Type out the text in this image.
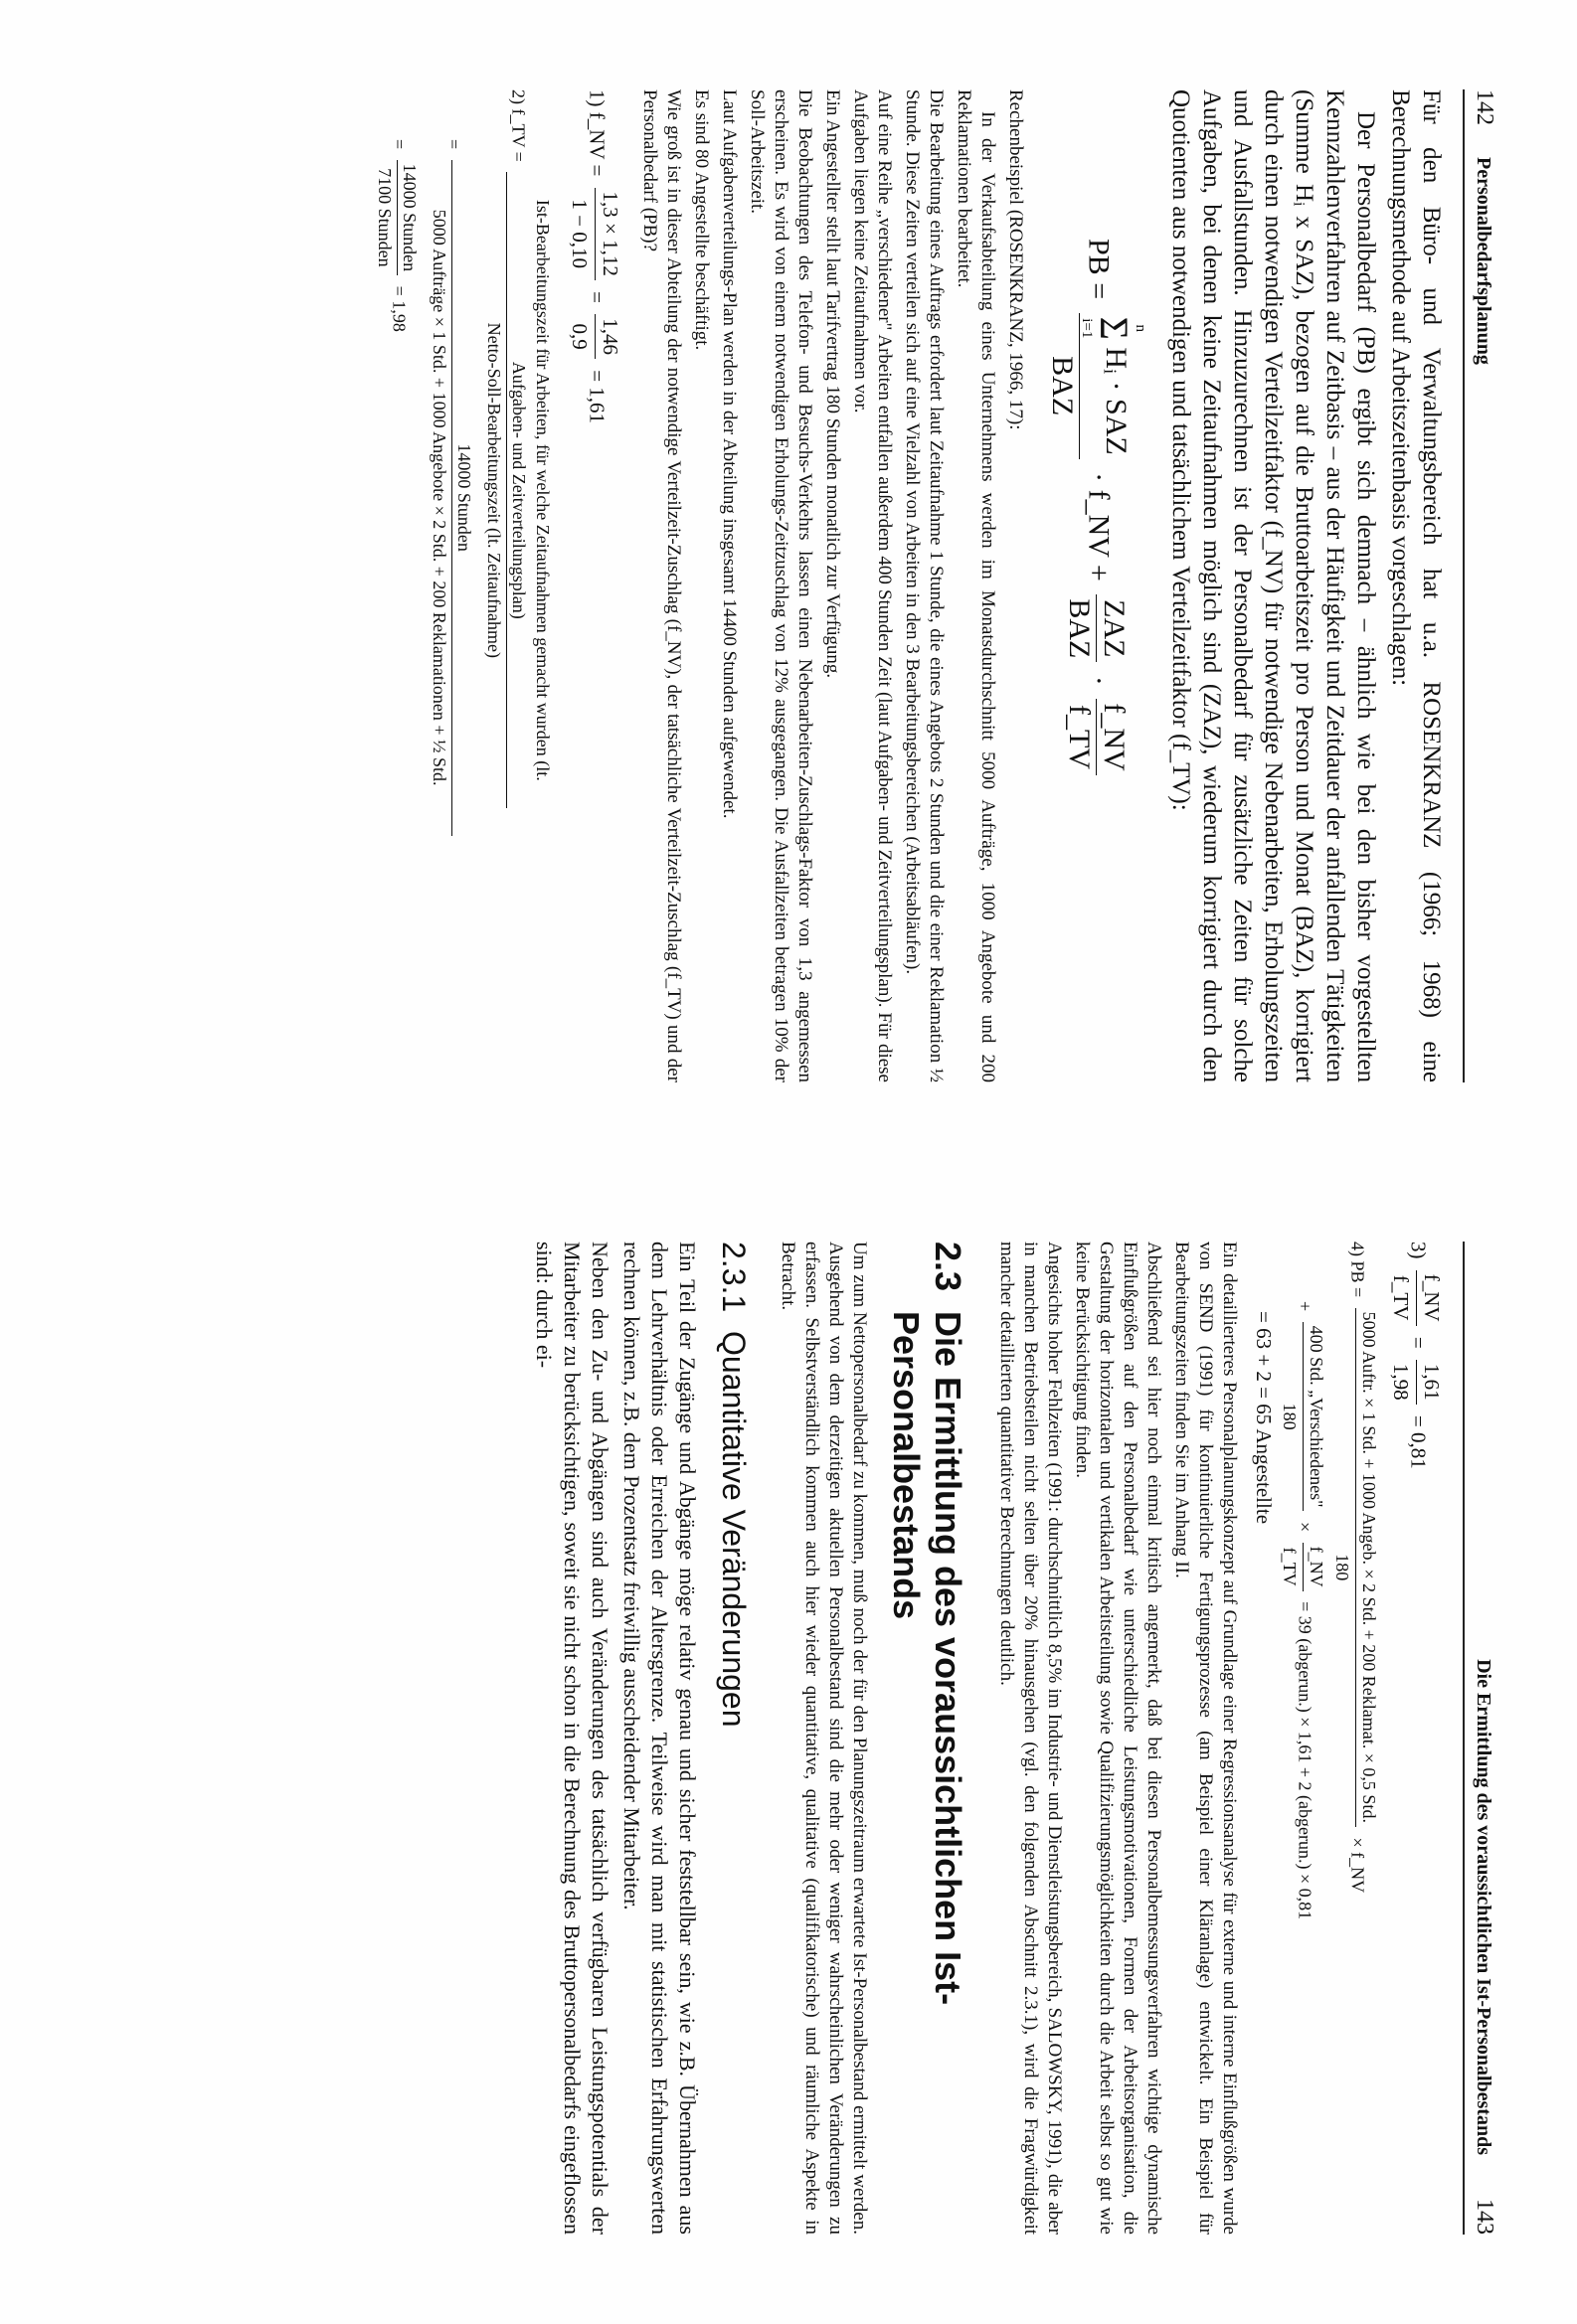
142
Personalbedarfsplanung

Für den Büro- und Verwaltungsbereich hat u.a. ROSENKRANZ (1966; 1968) eine Berechnungsmethode auf Arbeitszeitenbasis vorgeschlagen:

Der Personalbedarf (PB) ergibt sich demnach – ähnlich wie bei den bisher vorgestellten Kennzahlenverfahren auf Zeitbasis – aus der Häufigkeit und Zeitdauer der anfallenden Tätigkeiten (Summe Hᵢ x SAZ), bezogen auf die Bruttoarbeitszeit pro Person und Monat (BAZ), korrigiert durch einen notwendigen Verteilzeitfaktor (f_NV) für notwendige Nebenarbeiten, Erholungszeiten und Ausfallstunden. Hinzuzurechnen ist der Personalbedarf für zusätzliche Zeiten für solche Aufgaben, bei denen keine Zeitaufnahmen möglich sind (ZAZ), wiederum korrigiert durch den Quotienten aus notwendigen und tatsächlichem Verteilzeitfaktor (f_TV):

PB =
n
Σ
i=1 Hᵢ · SAZ
BAZ
· f_NV +
ZAZ
BAZ
·
f_NV
f_TV

Rechenbeispiel (ROSENKRANZ, 1966, 17):

In der Verkaufsabteilung eines Unternehmens werden im Monatsdurchschnitt 5000 Aufträge, 1000 Angebote und 200 Reklamationen bearbeitet.

Die Bearbeitung eines Auftrags erfordert laut Zeitaufnahme 1 Stunde, die eines Angebots 2 Stunden und die einer Reklamation ½ Stunde. Diese Zeiten verteilen sich auf eine Vielzahl von Arbeiten in den 3 Bearbeitungsbereichen (Arbeitsabläufen).

Auf eine Reihe „verschiedener" Arbeiten entfallen außerdem 400 Stunden Zeit (laut Aufgaben- und Zeitverteilungsplan). Für diese Aufgaben liegen keine Zeitaufnahmen vor.

Ein Angestellter stellt laut Tarifvertrag 180 Stunden monatlich zur Verfügung.

Die Beobachtungen des Telefon- und Besuchs-Verkehrs lassen einen Nebenarbeiten-Zuschlags-Faktor von 1,3 angemessen erscheinen. Es wird von einem notwendigen Erholungs-Zeitzuschlag von 12% ausgegangen. Die Ausfallzeiten betragen 10% der Soll-Arbeitszeit.

Laut Aufgabenverteilungs-Plan werden in der Abteilung insgesamt 14400 Stunden aufgewendet.

Es sind 80 Angestellte beschäftigt.

Wie groß ist in dieser Abteilung der notwendige Verteilzeit-Zuschlag (f_NV), der tatsächliche Verteilzeit-Zuschlag (f_TV) und der Personalbedarf (PB)?

1) f_NV =
1,3 × 1,12
1 − 0,10
=
1,46
0,9
= 1,61
2) f_TV =
Ist-Bearbeitungszeit für Arbeiten, für welche Zeitaufnahmen gemacht wurden (lt. Aufgaben- und Zeitverteilungsplan)
Netto-Soll-Bearbeitungszeit (lt. Zeitaufnahme)
=
14000 Stunden
5000 Aufträge × 1 Std. + 1000 Angebote × 2 Std. + 200 Reklamationen + ½ Std.
=
14000 Stunden
7100 Stunden
= 1,98
Die Ermittlung des voraussichtlichen Ist-Personalbestands
143
3)
f_NV
f_TV
=
1,61
1,98
= 0,81
4) PB =
5000 Auftr. × 1 Std. + 1000 Angeb. × 2 Std. + 200 Reklamat. × 0,5 Std.
180
× f_NV
+
400 Std. „Verschiedenes"
180
×
f_NV
f_TV
= 39 (abgerun.) × 1,61 + 2 (abgerun.) × 0,81
= 63 + 2 = 65 Angestellte

Ein detaillierteres Personalplanungskonzept auf Grundlage einer Regressionsanalyse für externe und interne Einflußgrößen wurde von SEND (1991) für kontinuierliche Fertigungsprozesse (am Beispiel einer Kläranlage) entwickelt. Ein Beispiel für Bearbeitungszeiten finden Sie im Anhang II.

Abschließend sei hier noch einmal kritisch angemerkt, daß bei diesen Personalbemessungsverfahren wichtige dynamische Einflußgrößen auf den Personalbedarf wie unterschiedliche Leistungsmotivationen, Formen der Arbeitsorganisation, die Gestaltung der horizontalen und vertikalen Arbeitsteilung sowie Qualifizierungsmöglichkeiten durch die Arbeit selbst so gut wie keine Berücksichtigung finden.

Angesichts hoher Fehlzeiten (1991: durchschnittlich 8,5% im Industrie- und Dienstleistungsbereich, SALOWSKY, 1991), die aber in manchen Betriebsteilen nicht selten über 20% hinausgehen (vgl. den folgenden Abschnitt 2.3.1), wird die Fragwürdigkeit mancher detaillierten quantitativer Berechnungen deutlich.

2.3
Die Ermittlung des voraussichtlichen Ist-Personalbestands

Um zum Nettopersonalbedarf zu kommen, muß noch der für den Planungszeitraum erwartete Ist-Personalbestand ermittelt werden. Ausgehend von dem derzeitigen aktuellen Personalbestand sind die mehr oder weniger wahrscheinlichen Veränderungen zu erfassen. Selbstverständlich kommen auch hier wieder quantitative, qualitative (qualifikatorische) und räumliche Aspekte in Betracht.

2.3.1
Quantitative Veränderungen

Ein Teil der Zugänge und Abgänge möge relativ genau und sicher feststellbar sein, wie z.B. Übernahmen aus dem Lehrverhältnis oder Erreichen der Altersgrenze. Teilweise wird man mit statistischen Erfahrungswerten rechnen können, z.B. dem Prozentsatz freiwillig ausscheidender Mitarbeiter.

Neben den Zu- und Abgängen sind auch Veränderungen des tatsächlich verfügbaren Leistungspotentials der Mitarbeiter zu berücksichtigen, soweit sie nicht schon in die Berechnung des Bruttopersonalbedarfs eingeflossen sind: durch ei-
